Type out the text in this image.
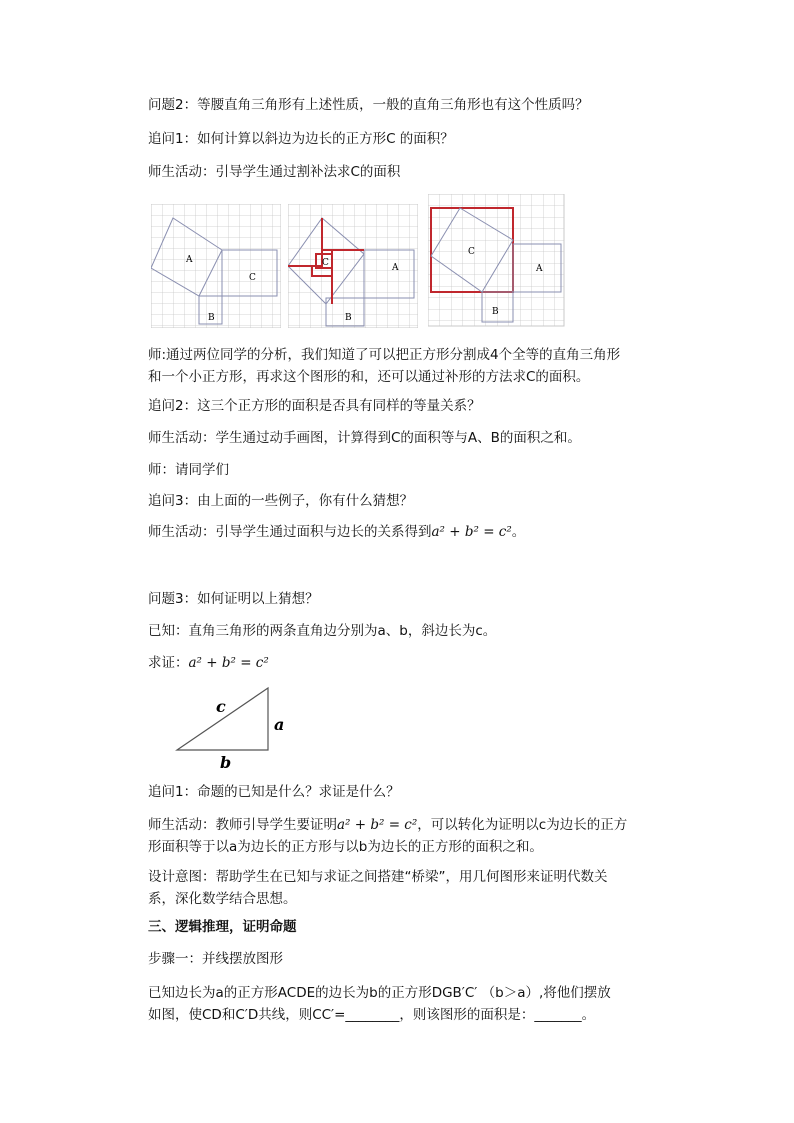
问题2：等腰直角三角形有上述性质，一般的直角三角形也有这个性质吗？
追问1：如何计算以斜边为边长的正方形C 的面积？
师生活动：引导学生通过割补法求C的面积
A
C
B
C	A
B
C
A
B
师:通过两位同学的分析，我们知道了可以把正方形分割成4个全等的直角三角形
和一个小正方形，再求这个图形的和，还可以通过补形的方法求C的面积。
追问2：这三个正方形的面积是否具有同样的等量关系？
师生活动：学生通过动手画图，计算得到C的面积等与A、B的面积之和。
师：请同学们
追问3：由上面的一些例子，你有什么猜想？
师生活动：引导学生通过面积与边长的关系得到a² + b² = c²。
问题3：如何证明以上猜想？
已知：直角三角形的两条直角边分别为a、b，斜边长为c。
求证：a² + b² = c²
c
a
b
追问1：命题的已知是什么？求证是什么？
师生活动：教师引导学生要证明a² + b² = c²，可以转化为证明以c为边长的正方
形面积等于以a为边长的正方形与以b为边长的正方形的面积之和。
设计意图：帮助学生在已知与求证之间搭建“桥梁”，用几何图形来证明代数关
系，深化数学结合思想。
三、逻辑推理，证明命题
步骤一：并线摆放图形
已知边长为a的正方形ACDE的边长为b的正方形DGB′C′ （b＞a）,将他们摆放
如图，使CD和C′D共线，则CC′=________，则该图形的面积是：_______。
